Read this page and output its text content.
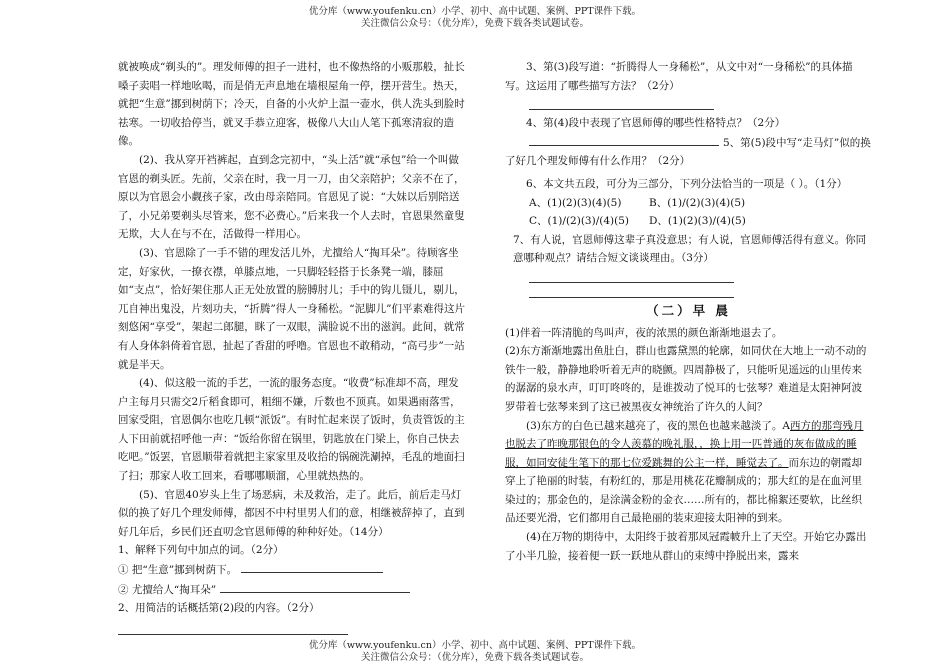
优分库（www.youfenku.cn）小学、初中、高中试题、案例、PPT课件下载。
关注微信公众号：（优分库），免费下载各类试题试卷。

就被唤成“剃头的”。理发师傅的担子一进村，也不像热络的小贩那般，扯长嗓子卖唱一样地吆喝，而是俏无声息地在墙根屋角一停，摆开营生。热天，就把“生意”挪到树荫下；冷天，自备的小火炉上温一壶水，供人洗头到脸时祛寒。一切收拾停当，就叉手恭立迎客，极像八大山人笔下孤寒清寂的造像。

(2)、我从穿开裆裤起，直到念完初中，“头上活”就“承包”给一个叫做官恩的剃头匠。先前，父亲在时，我一月一刀，由父亲陪护；父亲不在了，原以为官恩会小觑孩子家，改由母亲陪同。官恩见了说：“大妹以后别陪送了，小兄弟要剃头尽管来，您不必费心。”后来我一个人去时，官恩果然童叟无欺，大人在与不在，活做得一样用心。

(3)、官恩除了一手不错的理发活儿外，尤擅给人“掏耳朵”。待顾客坐定，好家伙，一撩衣襟，单膝点地，一只脚轻轻搭于长条凳一端，膝屈如“支点”，恰好架住那人正无处放置的膀膊肘儿；手中的钩儿镊儿，剔儿，兀自神出鬼没，片刻功夫，“折腾”得人一身稀松。“泥脚儿”们平素难得这片刻悠闲“享受”，架起二郎腿，眯了一双眼，满脸说不出的滋润。此间，就常有人身体斜倚着官恩，扯起了香甜的呼噜。官恩也不敢稍动，“高弓步”一站就是半天。

(4)、似这般一流的手艺，一流的服务态度。“收费”标准却不高，理发户主每月只需交2斤稻食即可，粗细不嫌，斤数也不顶真。如果遇雨落雪，回家受阻，官恩偶尔也吃几顿“派饭”。有时忙起来误了饭时，负责管饭的主人下田前就招呼他一声：“饭给你留在锅里，钥匙放在门梁上，你自己快去吃吧。”饭罢，官恩顺带着就把主家家里及收拾的锅碗洗涮掉，毛乱的地面扫了扫；那家人收工回来，看哪哪顺溜，心里就热热的。

(5)、官恩40岁头上生了场恶病，未及救治，走了。此后，前后走马灯似的换了好几个理发师傅，都因不中村里男人们的意，相继被辞掉了，直到好几年后，乡民们还直叨念官恩师傅的种种好处。（14分）

1、解释下列句中加点的词。（2分）

① 把“生意”挪到树荫下。

② 尤擅给人“掏耳朵”

2、用简洁的话概括第(2)段的内容。（2分）

3、第(3)段写道：“折腾得人一身稀松”，从文中对“一身稀松”的具体描写。这运用了哪些描写方法？（2分）

4、第(4)段中表现了官恩师傅的哪些性格特点？（2分）

5、第(5)段中写“走马灯”似的换了好几个理发师傅有什么作用？（2分）

6、本文共五段，可分为三部分，下列分法恰当的一项是（ ）。（1分）

A、(1)(2)(3)(4)(5)	B、(1)/(2)(3)(4)(5)
C、(1)/(2)(3)/(4)(5)	D、(1)(2)(3)/(4)(5)

7、有人说，官恩师傅这辈子真没意思；有人说，官恩师傅活得有意义。你同意哪种观点？请结合短文谈谈理由。（3分）

（二）早 晨

(1)伴着一阵清脆的鸟叫声，夜的浓黑的颜色渐渐地退去了。

(2)东方渐渐地露出鱼肚白，群山也露黛黑的轮廓，如同伏在大地上一动不动的铁牛一般，静静地聆听着无声的晓颤。四周静极了，只能听见遥远的山里传来的潺潺的泉水声，叮叮咚咚的，是谁拨动了悦耳的七弦琴？难道是太阳神阿波罗带着七弦琴来到了这已被黑夜女神统治了许久的人间？

(3)东方的白色已越来越亮了，夜的黑色也越来越淡了。A西方的那弯残月也脱去了昨晚那银色的令人羡慕的晚礼服，，换上用一匹普通的灰布做成的睡服，如同安徒生笔下的那七位爱跳舞的公主一样，睡觉去了。而东边的朝霞却穿上了艳丽的时装，有粉红的，那是用桃花花瓣制成的；那大红的是在血河里染过的；那金色的，是涂满金粉的金衣……所有的，都比棉絮还要软，比丝织品还要光滑，它们都用自己最艳丽的装束迎接太阳神的到来。

(4)在万物的期待中，太阳终于披着那凤冠霞帔升上了天空。开始它办露出了小半几脸，接着便一跃一跃地从群山的束缚中挣脱出来，露来

优分库（www.youfenku.cn）小学、初中、高中试题、案例、PPT课件下载。
关注微信公众号：（优分库），免费下载各类试题试卷。
